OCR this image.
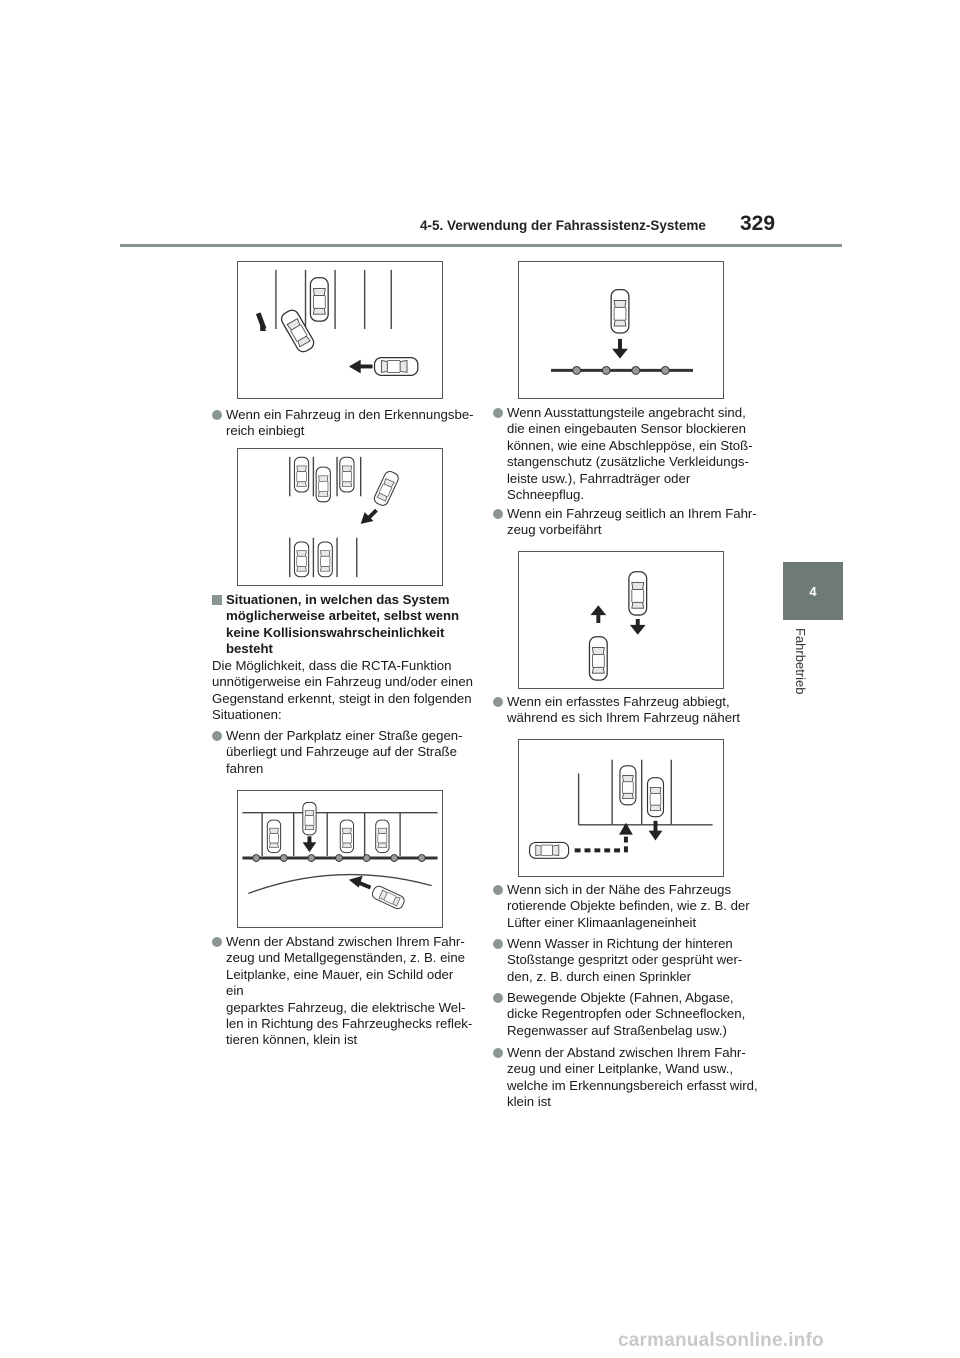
4-5. Verwendung der Fahrassistenz-Systeme 329
4
Fahrbetrieb
Wenn ein Fahrzeug in den Erkennungsbe-
reich einbiegt
Situationen, in welchen das System
möglicherweise arbeitet, selbst wenn
keine Kollisionswahrscheinlichkeit
besteht
Die Möglichkeit, dass die RCTA-Funktion
unnötigerweise ein Fahrzeug und/oder einen
Gegenstand erkennt, steigt in den folgenden
Situationen:
Wenn der Parkplatz einer Straße gegen-
überliegt und Fahrzeuge auf der Straße
fahren
Wenn der Abstand zwischen Ihrem Fahr-
zeug und Metallgegenständen, z. B. eine
Leitplanke, eine Mauer, ein Schild oder ein
geparktes Fahrzeug, die elektrische Wel-
len in Richtung des Fahrzeughecks reflek-
tieren können, klein ist
Wenn Ausstattungsteile angebracht sind,
die einen eingebauten Sensor blockieren
können, wie eine Abschleppöse, ein Stoß-
stangenschutz (zusätzliche Verkleidungs-
leiste usw.), Fahrradträger oder
Schneepflug.
Wenn ein Fahrzeug seitlich an Ihrem Fahr-
zeug vorbeifährt
Wenn ein erfasstes Fahrzeug abbiegt,
während es sich Ihrem Fahrzeug nähert
Wenn sich in der Nähe des Fahrzeugs
rotierende Objekte befinden, wie z. B. der
Lüfter einer Klimaanlageneinheit
Wenn Wasser in Richtung der hinteren
Stoßstange gespritzt oder gesprüht wer-
den, z. B. durch einen Sprinkler
Bewegende Objekte (Fahnen, Abgase,
dicke Regentropfen oder Schneeflocken,
Regenwasser auf Straßenbelag usw.)
Wenn der Abstand zwischen Ihrem Fahr-
zeug und einer Leitplanke, Wand usw.,
welche im Erkennungsbereich erfasst wird,
klein ist
carmanualsonline.info
